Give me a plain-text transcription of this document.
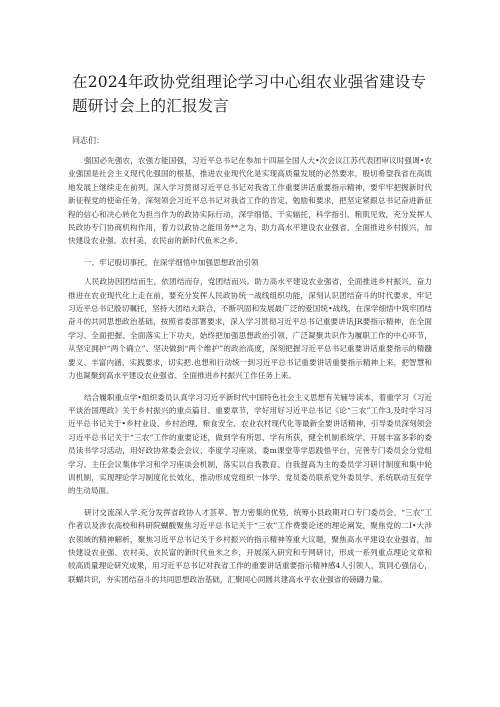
在2024年政协党组理论学习中心组农业强省建设专题研讨会上的汇报发言

同志们：

强国必先强农，农强方能国强，习近平总书记在参加十四届全国人大•次会议江苏代表团审议时强调•农业强国是社会主义现代化强国的根基，推进农业现代化是实现高质量发展的必然要求，殷切希望我省在高质地发展上继续走在前列。深入学习贯彻习近平总书记对我省工作重要讲话重要指示精神，要牢牢把握新时代新征程党的使命任务，深刻领会习近平总书记对我省工作的肯定、勉励和要求，把坚定紧跟总书记奋进新征程的信心和决心转化为担当作为的政协实际行动，深学细悟、干实辐托，科学指引、粮肌见效，充分发挥人民政协专门协商机构作用，着力以政协之能用务**之为，助力高水平建设农业强省，全面推进乡村振兴，加快建设农业强、农村美、农民亩的新时代鱼米之乡。

一、牢记殷切事托，在深学细悟中加强思想政治引领

人民政协因团结而生，依团结而存，党团结而兴。助力高水平建设农业强省，全面推进乡村振兴，奋力推进在农业现代化上走在前，要充分发挥人民政协统一战线组织功能，深刻认识团结奋斗的时代要求，牢记习近平总书记殷切嘱托，坚持大团结大联合，不断巩固和发展最广泛的爱国统•战线，在深学细悟中筑牢团结奋斗的共同思想政治基础，按照省委部署要求，深入学习贯彻习近平总书记重要讲话JR要指示精神，在全面学习、全面把握、全面落实上下功夫，始终把加强思想政治引领、广泛凝聚共识作为履职工作的中心环节，从坚定拥护“两个确立”、坚决做到“两个维护”的政治高度，深刻把握习近平总书记重要讲话重要指示的精髓要义、丰富内涵、实践要求，切实把.也想和行动统一到习近平总书记重要讲话重要指示精神上来，把智慧和力也凝聚到高水平建设农业强省、全面推进乡村振兴工作任务上来。

结合履职重点学•组织委员认真学习习近平新时代中国特色社会主义思想有关辅导读本，着重学习《习近平谈治国理政》关于乡村振兴的重点篇目、重要章节，学好用好习近平总书记《论“三农”工作3,及时学习习近平总书记关于•乡村业设、乡村治理、粮食安全、农业农村现代化等最新全要讲话精神，引导委员深刻领会习近平总书记关于“三农”工作的重要论述，做到学有所思、学有所获，健全机制系统学。开展丰富多彩的委员读书学习活动，用好政协常委会会议、李度学习座谈、委m课堂等学思践悟平台，完善专门委员会分党组学习、主任会议集体学习和学习座谈会机制，落实以自我教育、自我提高为主的委员学习研讨制度和集中轮训机制，实现理论学习制度化长效化，推动形成党组织一体学、党员委员联系党外委员学、系统联动互促学的生动局面。

研讨交流深入学.充分发挥省政协人才荟萃、智力密集的优势，统筹小县政期对口专门委员会、“三农”工作者以及涉农高校和科研院蝴酸聚焦习近平总书记关于“三农”工作费要论述的理论阐发，聚焦党的二I•大涉农领域的精神解析，聚焦习近平总书记关于乡村振兴的指示精神等重大议题，聚焦高水平建设农业强省，加快建设农业强、农村美、农民富的新时代鱼米之乡，开展深入研究和专网研讨，形成一系列重点理论文章和较高质量理论研究成果，用习近平总书记对我省工作的重要讲话重要指示精神感4人引领人，筑同心强信心，联蝴共识，夯实团结奋斗的共同思想政治基础，汇聚同心同圆共建高水平农业强省的磅礴力量。
